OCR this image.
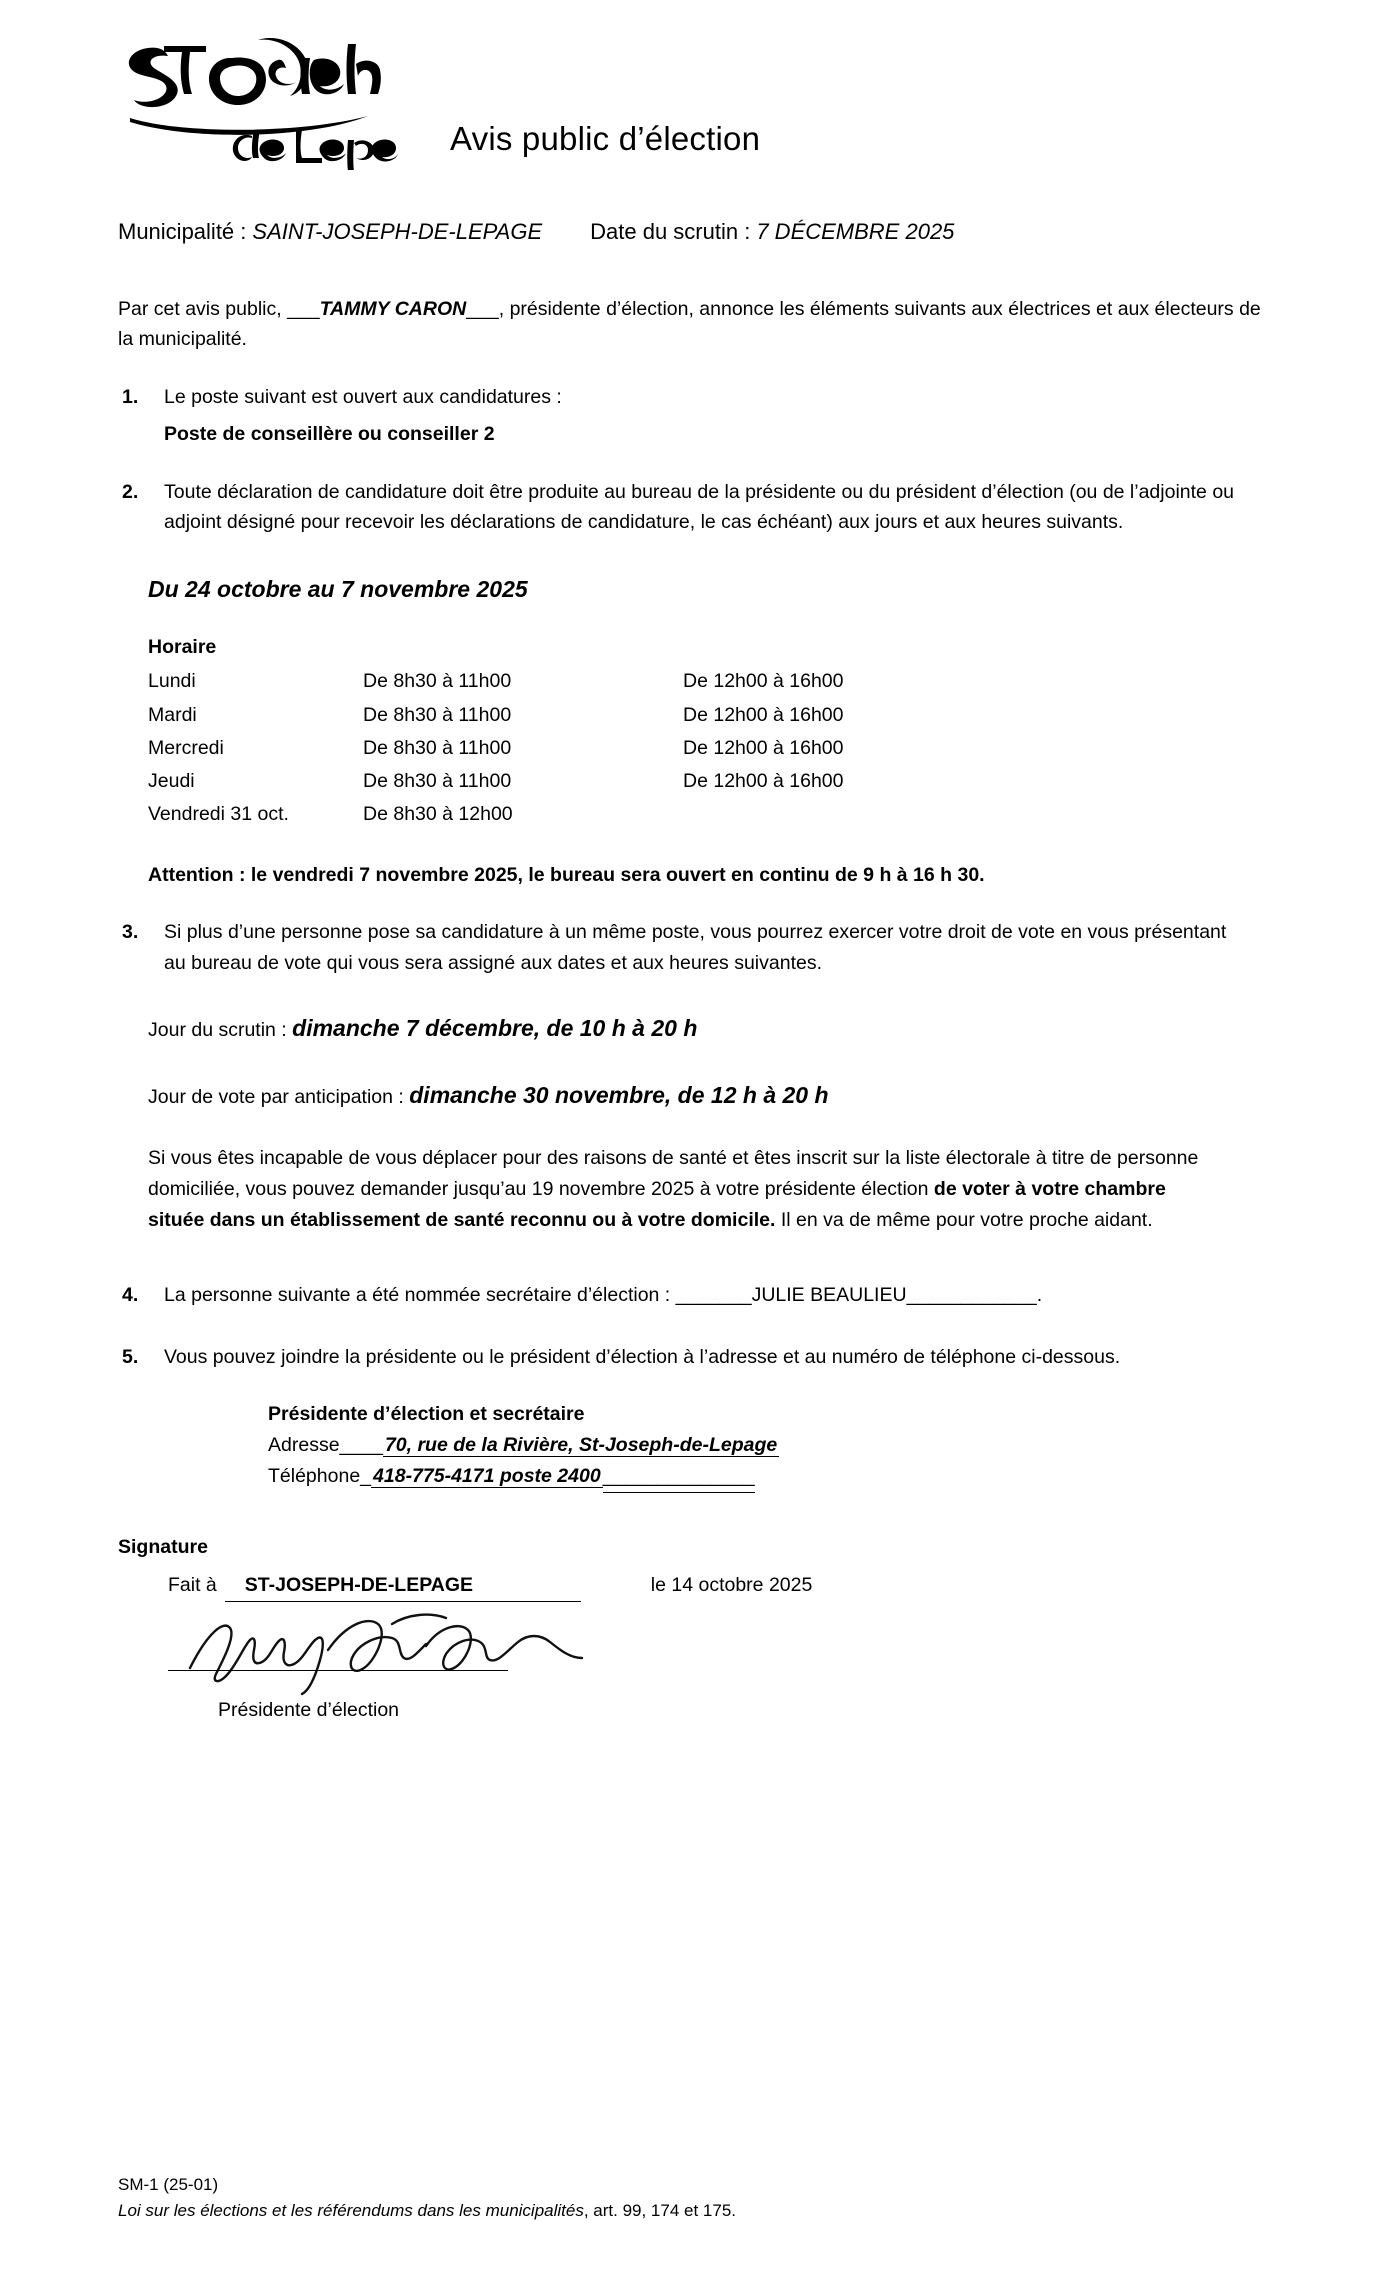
Avis public d’élection
Municipalité : SAINT-JOSEPH-DE-LEPAGE Date du scrutin : 7 DÉCEMBRE 2025
Par cet avis public, ___TAMMY CARON___, présidente d’élection, annonce les éléments suivants aux électrices et aux électeurs de la municipalité.
1.	Le poste suivant est ouvert aux candidatures :
Poste de conseillère ou conseiller 2
2.	Toute déclaration de candidature doit être produite au bureau de la présidente ou du président d’élection (ou de l’adjointe ou adjoint désigné pour recevoir les déclarations de candidature, le cas échéant) aux jours et aux heures suivants.
Du 24 octobre au 7 novembre 2025
Horaire
Lundi	De 8h30 à 11h00	De 12h00 à 16h00
Mardi	De 8h30 à 11h00	De 12h00 à 16h00
Mercredi	De 8h30 à 11h00	De 12h00 à 16h00
Jeudi	De 8h30 à 11h00	De 12h00 à 16h00
Vendredi 31 oct.	De 8h30 à 12h00	
Attention : le vendredi 7 novembre 2025, le bureau sera ouvert en continu de 9 h à 16 h 30.
3.	Si plus d’une personne pose sa candidature à un même poste, vous pourrez exercer votre droit de vote en vous présentant au bureau de vote qui vous sera assigné aux dates et aux heures suivantes.
Jour du scrutin : dimanche 7 décembre, de 10 h à 20 h
Jour de vote par anticipation : dimanche 30 novembre, de 12 h à 20 h
Si vous êtes incapable de vous déplacer pour des raisons de santé et êtes inscrit sur la liste électorale à titre de personne domiciliée, vous pouvez demander jusqu’au 19 novembre 2025 à votre présidente élection de voter à votre chambre située dans un établissement de santé reconnu ou à votre domicile. Il en va de même pour votre proche aidant.
4.	La personne suivante a été nommée secrétaire d’élection : _______JULIE BEAULIEU____________.
5.	Vous pouvez joindre la présidente ou le président d’élection à l’adresse et au numéro de téléphone ci-dessous.
Présidente d’élection et secrétaire
Adresse____ 70, rue de la Rivière, St-Joseph-de-Lepage
Téléphone_ 418-775-4171 poste 2400 ______________
Signature
Fait à	ST-JOSEPH-DE-LEPAGE	le 14 octobre 2025
Présidente d’élection
SM-1 (25-01)
Loi sur les élections et les référendums dans les municipalités, art. 99, 174 et 175.
